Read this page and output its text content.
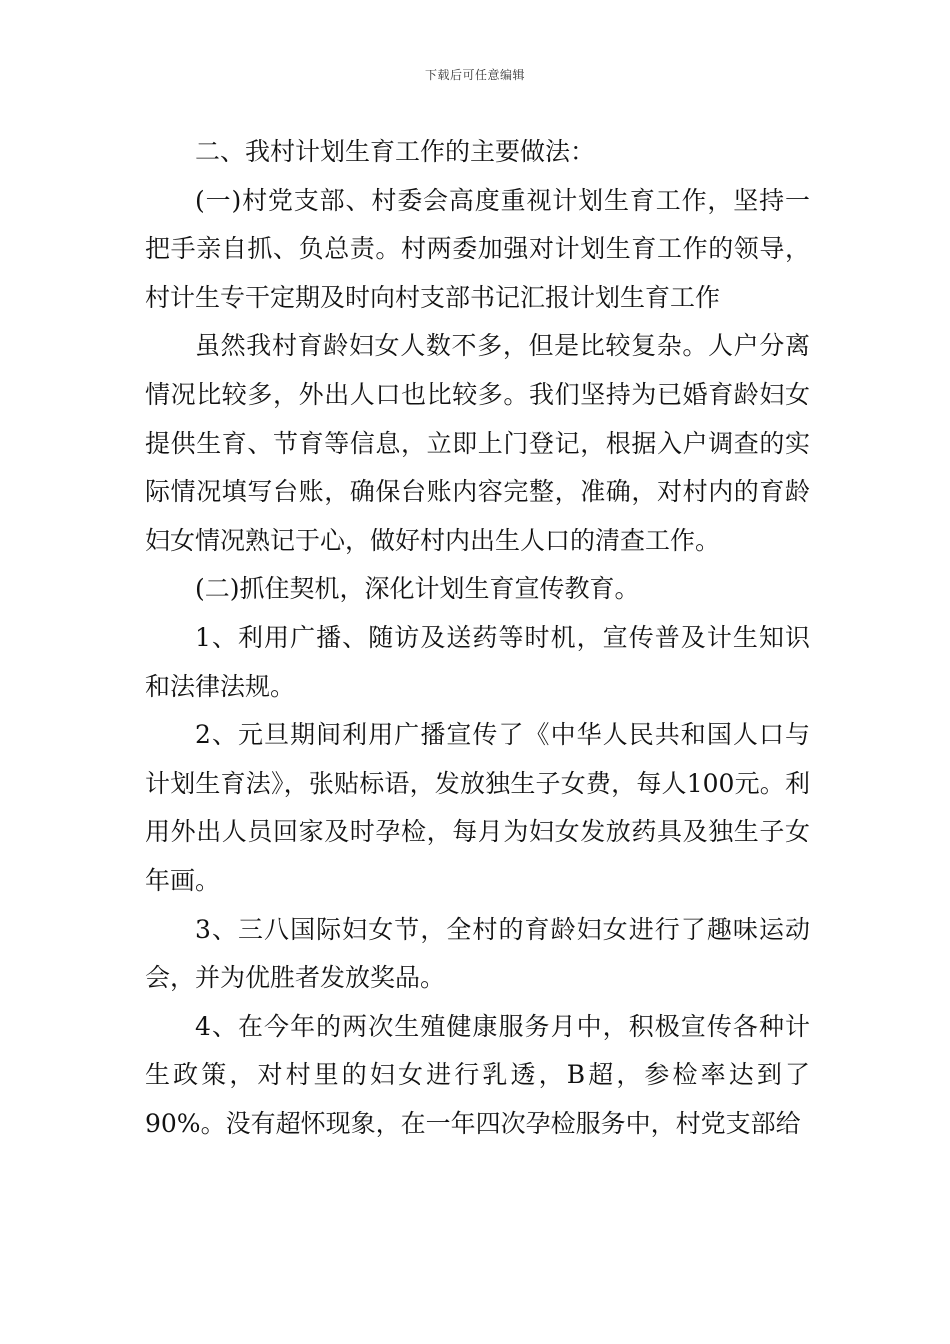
下载后可任意编辑

二、我村计划生育工作的主要做法：

(一)村党支部、村委会高度重视计划生育工作，坚持一把手亲自抓、负总责。村两委加强对计划生育工作的领导，村计生专干定期及时向村支部书记汇报计划生育工作

虽然我村育龄妇女人数不多，但是比较复杂。人户分离情况比较多，外出人口也比较多。我们坚持为已婚育龄妇女提供生育、节育等信息，立即上门登记，根据入户调查的实际情况填写台账，确保台账内容完整，准确，对村内的育龄妇女情况熟记于心，做好村内出生人口的清查工作。

(二)抓住契机，深化计划生育宣传教育。

1、利用广播、随访及送药等时机，宣传普及计生知识和法律法规。

2、元旦期间利用广播宣传了《中华人民共和国人口与计划生育法》，张贴标语，发放独生子女费，每人100元。利用外出人员回家及时孕检，每月为妇女发放药具及独生子女年画。

3、三八国际妇女节，全村的育龄妇女进行了趣味运动会，并为优胜者发放奖品。

4、在今年的两次生殖健康服务月中，积极宣传各种计生政策，对村里的妇女进行乳透，B超，参检率达到了90%。没有超怀现象，在一年四次孕检服务中，村党支部给
